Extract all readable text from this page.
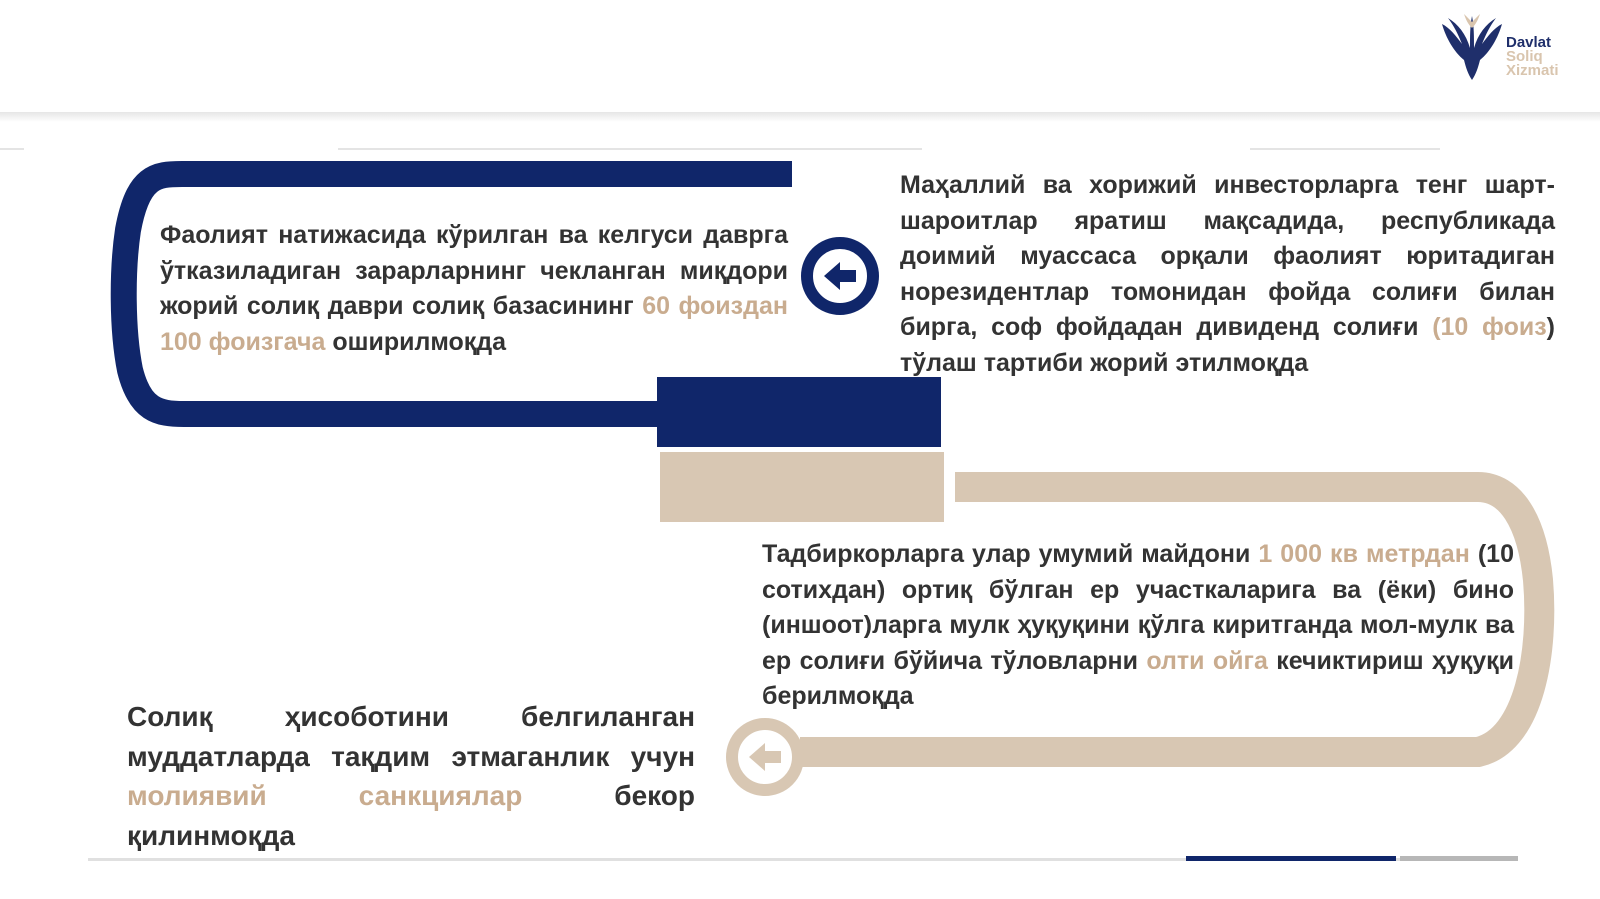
Davlat
Soliq
Xizmati
Фаолият натижасида кўрилган ва келгуси даврга ўтказиладиган зарарларнинг чекланган миқдори жорий солиқ даври солиқ базасининг 60 фоиздан 100 фоизгача оширилмоқда
Маҳаллий ва хорижий инвесторларга тенг шарт-шароитлар яратиш мақсадида, республикада доимий муассаса орқали фаолият юритадиган норезидентлар томонидан фойда солиғи билан бирга, соф фойдадан дивиденд солиғи (10 фоиз)
тўлаш тартиби жорий этилмоқда
Тадбиркорларга улар умумий майдони 1 000 кв метрдан (10 сотихдан) ортиқ бўлган ер участкаларига ва (ёки) бино (иншоот)ларга мулк ҳуқуқини қўлга киритганда мол-мулк ва ер солиғи бўйича тўловларни олти ойга кечиктириш ҳуқуқи берилмоқда
Солиқ ҳисоботини белгиланган муддатларда тақдим этмаганлик учун молиявий санкциялар бекор қилинмоқда
